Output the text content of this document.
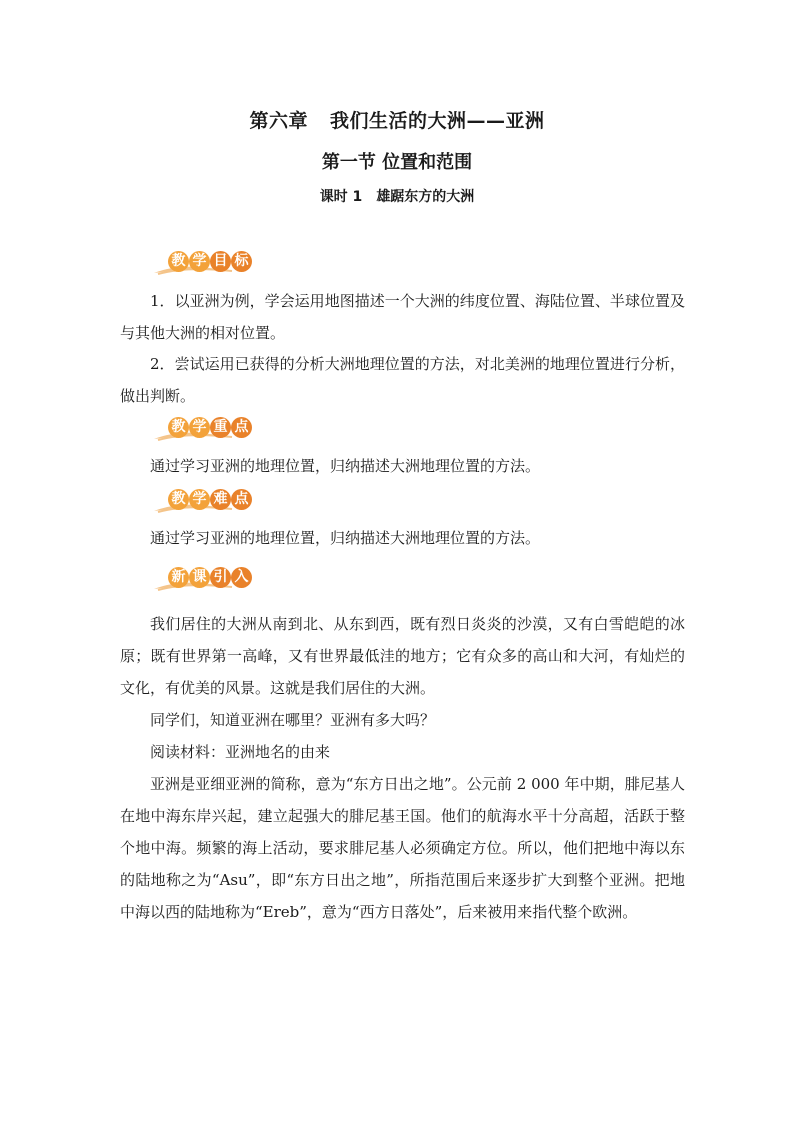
第六章 我们生活的大洲——亚洲
第一节 位置和范围
课时 1 雄踞东方的大洲
教 学 目 标
1．以亚洲为例，学会运用地图描述一个大洲的纬度位置、海陆位置、半球位置及与其他大洲的相对位置。
2．尝试运用已获得的分析大洲地理位置的方法，对北美洲的地理位置进行分析，做出判断。
教 学 重 点
通过学习亚洲的地理位置，归纳描述大洲地理位置的方法。
教 学 难 点
通过学习亚洲的地理位置，归纳描述大洲地理位置的方法。
新 课 引 入
我们居住的大洲从南到北、从东到西，既有烈日炎炎的沙漠，又有白雪皑皑的冰原；既有世界第一高峰，又有世界最低洼的地方；它有众多的高山和大河，有灿烂的文化，有优美的风景。这就是我们居住的大洲。
同学们，知道亚洲在哪里？亚洲有多大吗？
阅读材料：亚洲地名的由来
亚洲是亚细亚洲的简称，意为“东方日出之地”。公元前 2 000 年中期，腓尼基人在地中海东岸兴起，建立起强大的腓尼基王国。他们的航海水平十分高超，活跃于整个地中海。频繁的海上活动，要求腓尼基人必须确定方位。所以，他们把地中海以东的陆地称之为“Asu”，即“东方日出之地”，所指范围后来逐步扩大到整个亚洲。把地中海以西的陆地称为“Ereb”，意为“西方日落处”，后来被用来指代整个欧洲。
